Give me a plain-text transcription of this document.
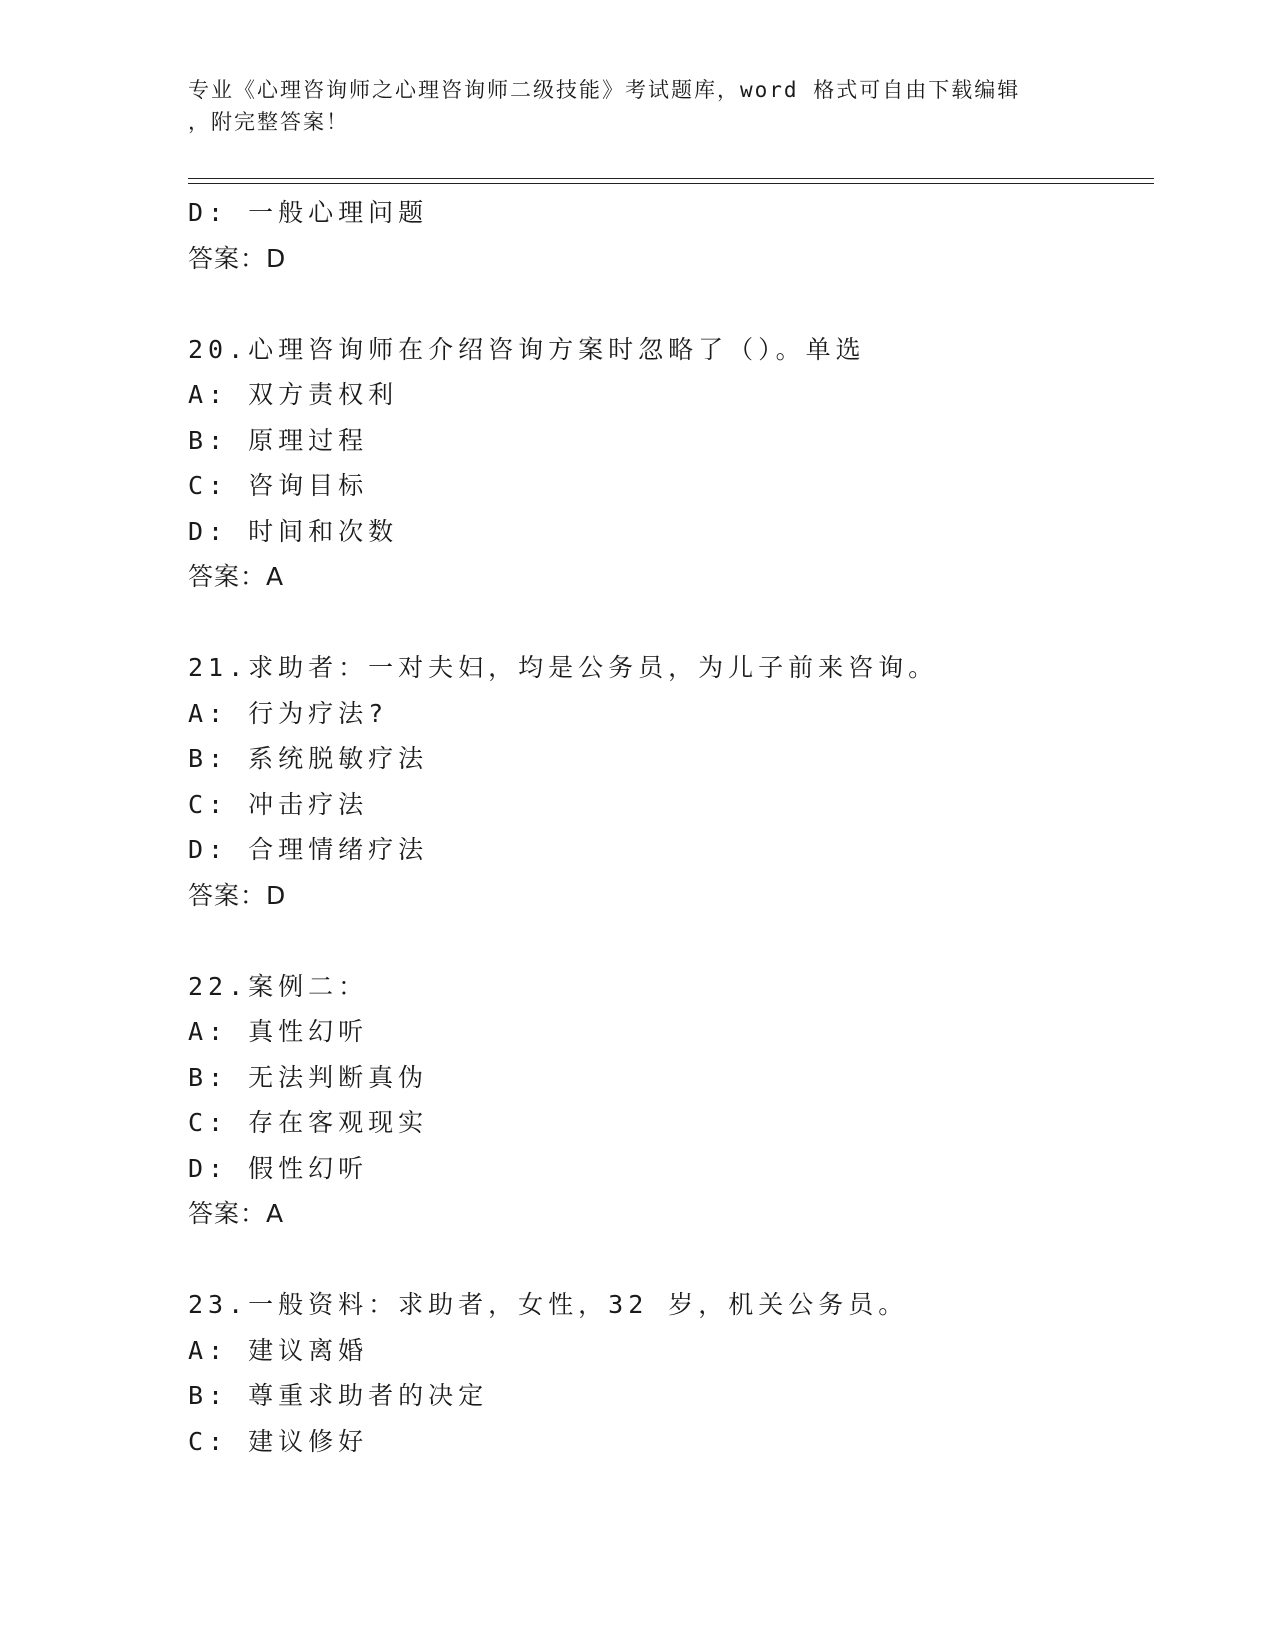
专业《心理咨询师之心理咨询师二级技能》考试题库，word 格式可自由下载编辑
，附完整答案！
D: 一般心理问题
答案：D
20.心理咨询师在介绍咨询方案时忽略了（）。单选
A: 双方责权利
B: 原理过程
C: 咨询目标
D: 时间和次数
答案：A
21.求助者：一对夫妇，均是公务员，为儿子前来咨询。
A: 行为疗法?
B: 系统脱敏疗法
C: 冲击疗法
D: 合理情绪疗法
答案：D
22.案例二：
A: 真性幻听
B: 无法判断真伪
C: 存在客观现实
D: 假性幻听
答案：A
23.一般资料：求助者，女性，32 岁，机关公务员。
A: 建议离婚
B: 尊重求助者的决定
C: 建议修好
